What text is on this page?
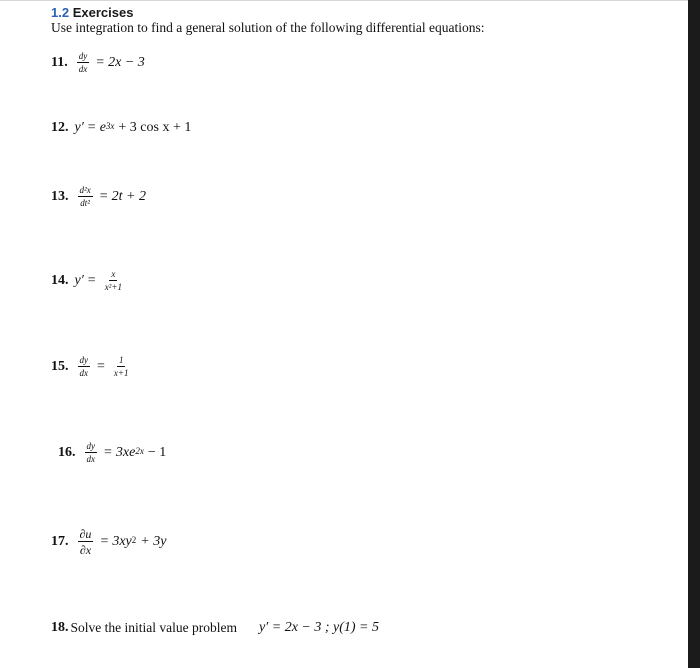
1.2 Exercises
Use integration to find a general solution of the following differential equations:
11. $\frac{dy}{dx} = 2x - 3$
12. $y' = e^{3x} + 3$ cos x + 1
13. $\frac{\text{d²x}}{\text{dt²}} = 2t + 2$
14. $y' = \frac{x}{\text{x²+1}}$
15. $\frac{dy}{dx} = \frac{1}{x+1}$
16. $\frac{dy}{dx} = 3xe^{2x} - 1$
17. $\frac{\partial u}{\partial x} = 3xy^2 + 3y$
18. Solve the initial value problem y′ = 2x − 3 ; y(1) = 5
